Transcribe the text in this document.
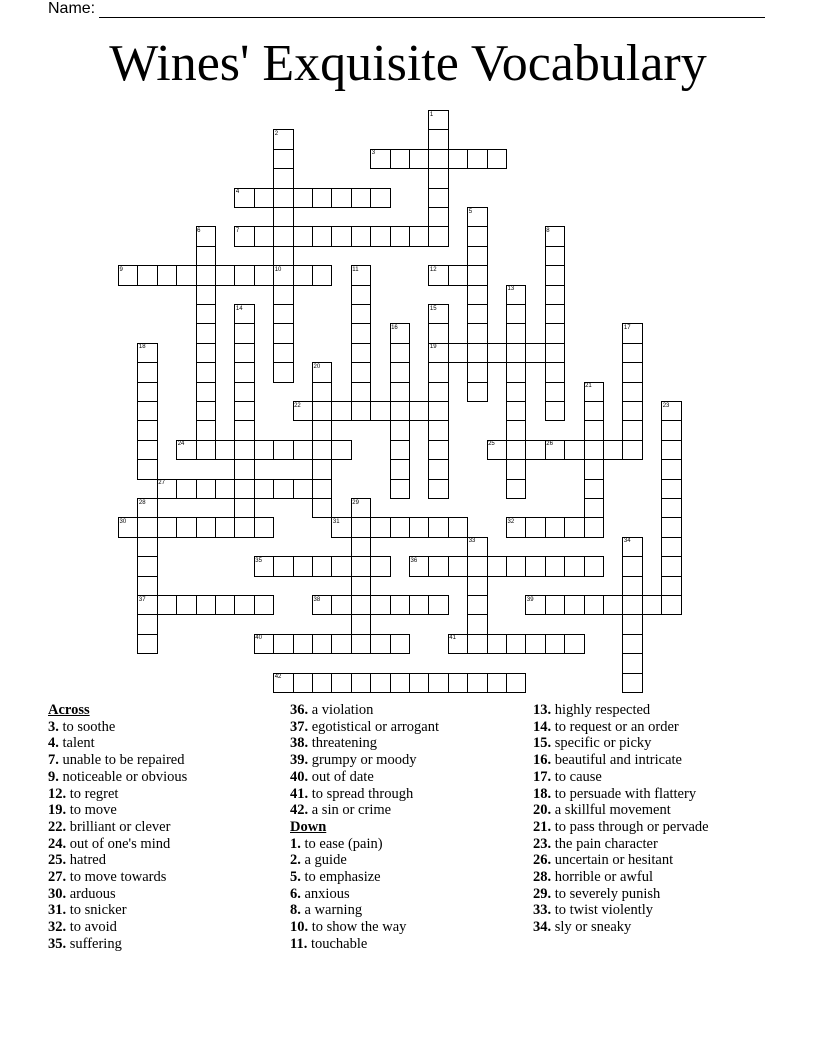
Name:
Wines' Exquisite Vocabulary
1
2
3
4
5
6	7	8
9	10	11	12
13
14	15
16	17
18	19
20
21
22	23
24	25	26
27
28	29
30	31	32
33	34
35	36
37	38	39
40	41
42
Across
3. to soothe
4. talent
7. unable to be repaired
9. noticeable or obvious
12. to regret
19. to move
22. brilliant or clever
24. out of one's mind
25. hatred
27. to move towards
30. arduous
31. to snicker
32. to avoid
35. suffering
36. a violation
37. egotistical or arrogant
38. threatening
39. grumpy or moody
40. out of date
41. to spread through
42. a sin or crime
Down
1. to ease (pain)
2. a guide
5. to emphasize
6. anxious
8. a warning
10. to show the way
11. touchable
13. highly respected
14. to request or an order
15. specific or picky
16. beautiful and intricate
17. to cause
18. to persuade with flattery
20. a skillful movement
21. to pass through or pervade
23. the pain character
26. uncertain or hesitant
28. horrible or awful
29. to severely punish
33. to twist violently
34. sly or sneaky
